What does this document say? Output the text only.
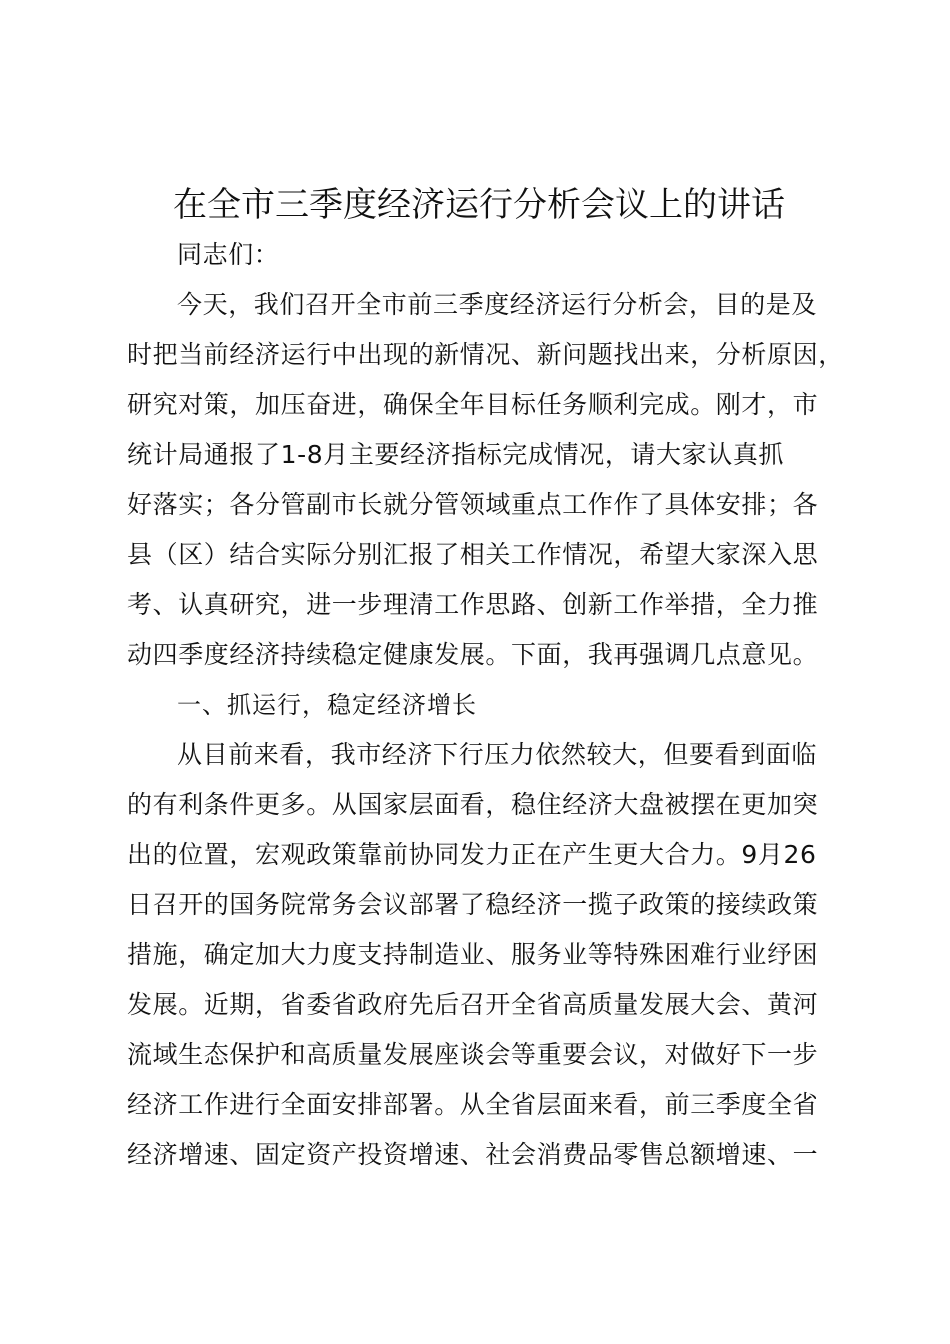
在全市三季度经济运行分析会议上的讲话
同志们：
今天，我们召开全市前三季度经济运行分析会，目的是及
时把当前经济运行中出现的新情况、新问题找出来，分析原因，
研究对策，加压奋进，确保全年目标任务顺利完成。刚才，市
统计局通报了1-8月主要经济指标完成情况，请大家认真抓
好落实；各分管副市长就分管领域重点工作作了具体安排；各
县（区）结合实际分别汇报了相关工作情况，希望大家深入思
考、认真研究，进一步理清工作思路、创新工作举措，全力推
动四季度经济持续稳定健康发展。下面，我再强调几点意见。
一、抓运行，稳定经济增长
从目前来看，我市经济下行压力依然较大，但要看到面临
的有利条件更多。从国家层面看，稳住经济大盘被摆在更加突
出的位置，宏观政策靠前协同发力正在产生更大合力。9月26
日召开的国务院常务会议部署了稳经济一揽子政策的接续政策
措施，确定加大力度支持制造业、服务业等特殊困难行业纾困
发展。近期，省委省政府先后召开全省高质量发展大会、黄河
流域生态保护和高质量发展座谈会等重要会议，对做好下一步
经济工作进行全面安排部署。从全省层面来看，前三季度全省
经济增速、固定资产投资增速、社会消费品零售总额增速、一
